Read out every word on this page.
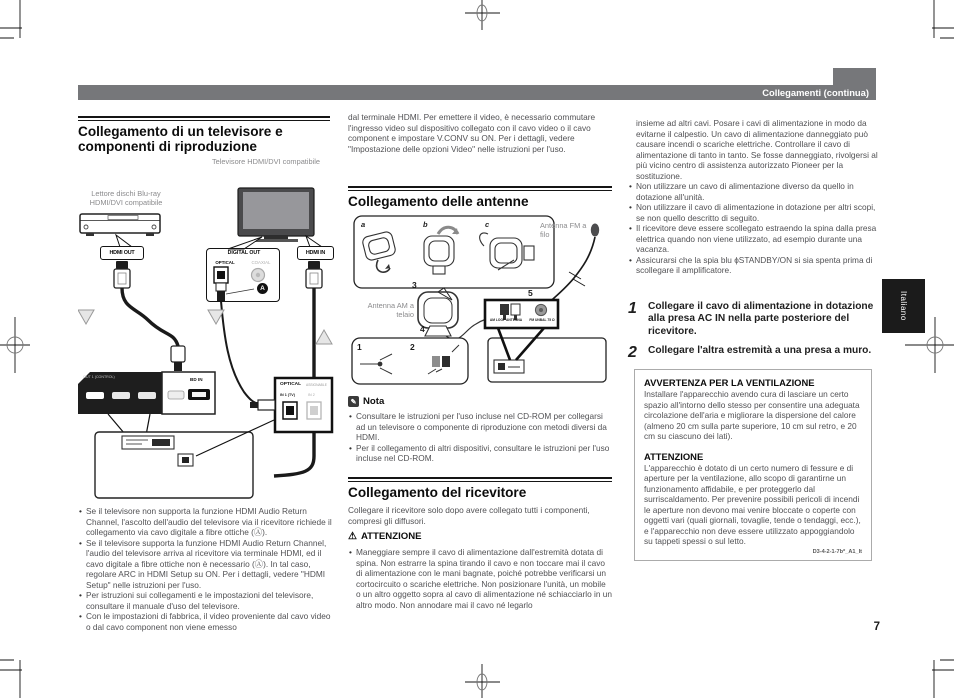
Collegamenti (continua)
Collegamento di un televisore e componenti di riproduzione
Lettore dischi Blu-ray HDMI/DVI compatibile
Televisore HDMI/DVI compatibile
HDMI OUT	DIGITAL OUT
OPTICAL	COAXIAL
HDMI IN
A
OUT 1 (CONTROL)	BD IN
OPTICAL	ASSIGNABLE
IN 1 (TV)	IN 2
• Se il televisore non supporta la funzione HDMI Audio Return Channel, l'ascolto dell'audio del televisore via il ricevitore richiede il collegamento via cavo digitale a fibre ottiche (Ⓐ).
• Se il televisore supporta la funzione HDMI Audio Return Channel, l'audio del televisore arriva al ricevitore via terminale HDMI, ed il cavo digitale a fibre ottiche non è necessario (Ⓐ). In tal caso, regolare ARC in HDMI Setup su ON. Per i dettagli, vedere "HDMI Setup" nelle istruzioni per l'uso.
• Per istruzioni sui collegamenti e le impostazioni del televisore, consultare il manuale d'uso del televisore.
• Con le impostazioni di fabbrica, il video proveniente dal cavo video o dal cavo component non viene emesso
dal terminale HDMI. Per emettere il video, è necessario commutare l'ingresso video sul dispositivo collegato con il cavo video o il cavo component e impostare V.CONV su ON. Per i dettagli, vedere "Impostazione delle opzioni Video" nelle istruzioni per l'uso.
Collegamento delle antenne
a	b	c	Antenna FM a filo
3
Antenna AM a telaio
4
1	2
5
AM LOOP ANTENNA	FM UNBAL 75 Ω
✎ Nota
• Consultare le istruzioni per l'uso incluse nel CD-ROM per collegarsi ad un televisore o componente di riproduzione con metodi diversi da HDMI.
• Per il collegamento di altri dispositivi, consultare le istruzioni per l'uso incluse nel CD-ROM.
Collegamento del ricevitore
Collegare il ricevitore solo dopo avere collegato tutti i componenti, compresi gli diffusori.
⚠ ATTENZIONE
• Maneggiare sempre il cavo di alimentazione dall'estremità dotata di spina. Non estrarre la spina tirando il cavo e non toccare mai il cavo di alimentazione con le mani bagnate, poiché potrebbe verificarsi un cortocircuito o scariche elettriche. Non posizionare l'unità, un mobile o un altro oggetto sopra al cavo di alimentazione né schiacciarlo in un altro modo. Non annodare mai il cavo né legarlo
insieme ad altri cavi. Posare i cavi di alimentazione in modo da evitarne il calpestio. Un cavo di alimentazione danneggiato può causare incendi o scariche elettriche. Controllare il cavo di alimentazione di tanto in tanto. Se fosse danneggiato, rivolgersi al più vicino centro di assistenza autorizzato Pioneer per la sostituzione.
• Non utilizzare un cavo di alimentazione diverso da quello in dotazione all'unità.
• Non utilizzare il cavo di alimentazione in dotazione per altri scopi, se non quello descritto di seguito.
• Il ricevitore deve essere scollegato estraendo la spina dalla presa elettrica quando non viene utilizzato, ad esempio durante una vacanza.
• Assicurarsi che la spia blu ɸSTANDBY/ON si sia spenta prima di scollegare il amplificatore.
1	Collegare il cavo di alimentazione in dotazione alla presa AC IN nella parte posteriore del ricevitore.
2	Collegare l'altra estremità a una presa a muro.
AVVERTENZA PER LA VENTILAZIONE
Installare l'apparecchio avendo cura di lasciare un certo spazio all'intorno dello stesso per consentire una adeguata circolazione dell'aria e migliorare la dispersione del calore (almeno 20 cm sulla parte superiore, 10 cm sul retro, e 20 cm su ciascuno dei lati).
ATTENZIONE
L'apparecchio è dotato di un certo numero di fessure e di aperture per la ventilazione, allo scopo di garantirne un funzionamento affidabile, e per proteggerlo dal surriscaldamento. Per prevenire possibili pericoli di incendi le aperture non devono mai venire bloccate o coperte con oggetti vari (quali giornali, tovaglie, tende o tendaggi, ecc.), e l'apparecchio non deve essere utilizzato appoggiandolo su tappeti spessi o sul letto.
D3-4-2-1-7b*_A1_It
Italiano
7
